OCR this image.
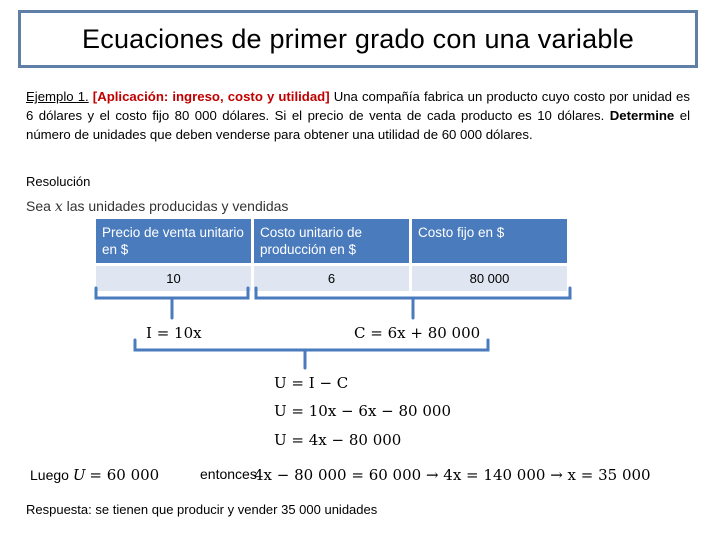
Ecuaciones de primer grado con una variable
Ejemplo 1. [Aplicación: ingreso, costo y utilidad] Una compañía fabrica un producto cuyo costo por unidad es 6 dólares y el costo fijo 80 000 dólares. Si el precio de venta de cada producto es 10 dólares. Determine el número de unidades que deben venderse para obtener una utilidad de 60 000 dólares.
Resolución
Sea x las unidades producidas y vendidas
Precio de venta unitario en $	Costo unitario de producción en $	Costo fijo en $
10	6	80 000
I = 10x	C = 6x + 80 000
U = I − C
U = 10x − 6x − 80 000
U = 4x − 80 000
Luego U = 60 000	entonces
4x − 80 000 = 60 000 → 4x = 140 000 → x = 35 000
Respuesta: se tienen que producir y vender 35 000 unidades
